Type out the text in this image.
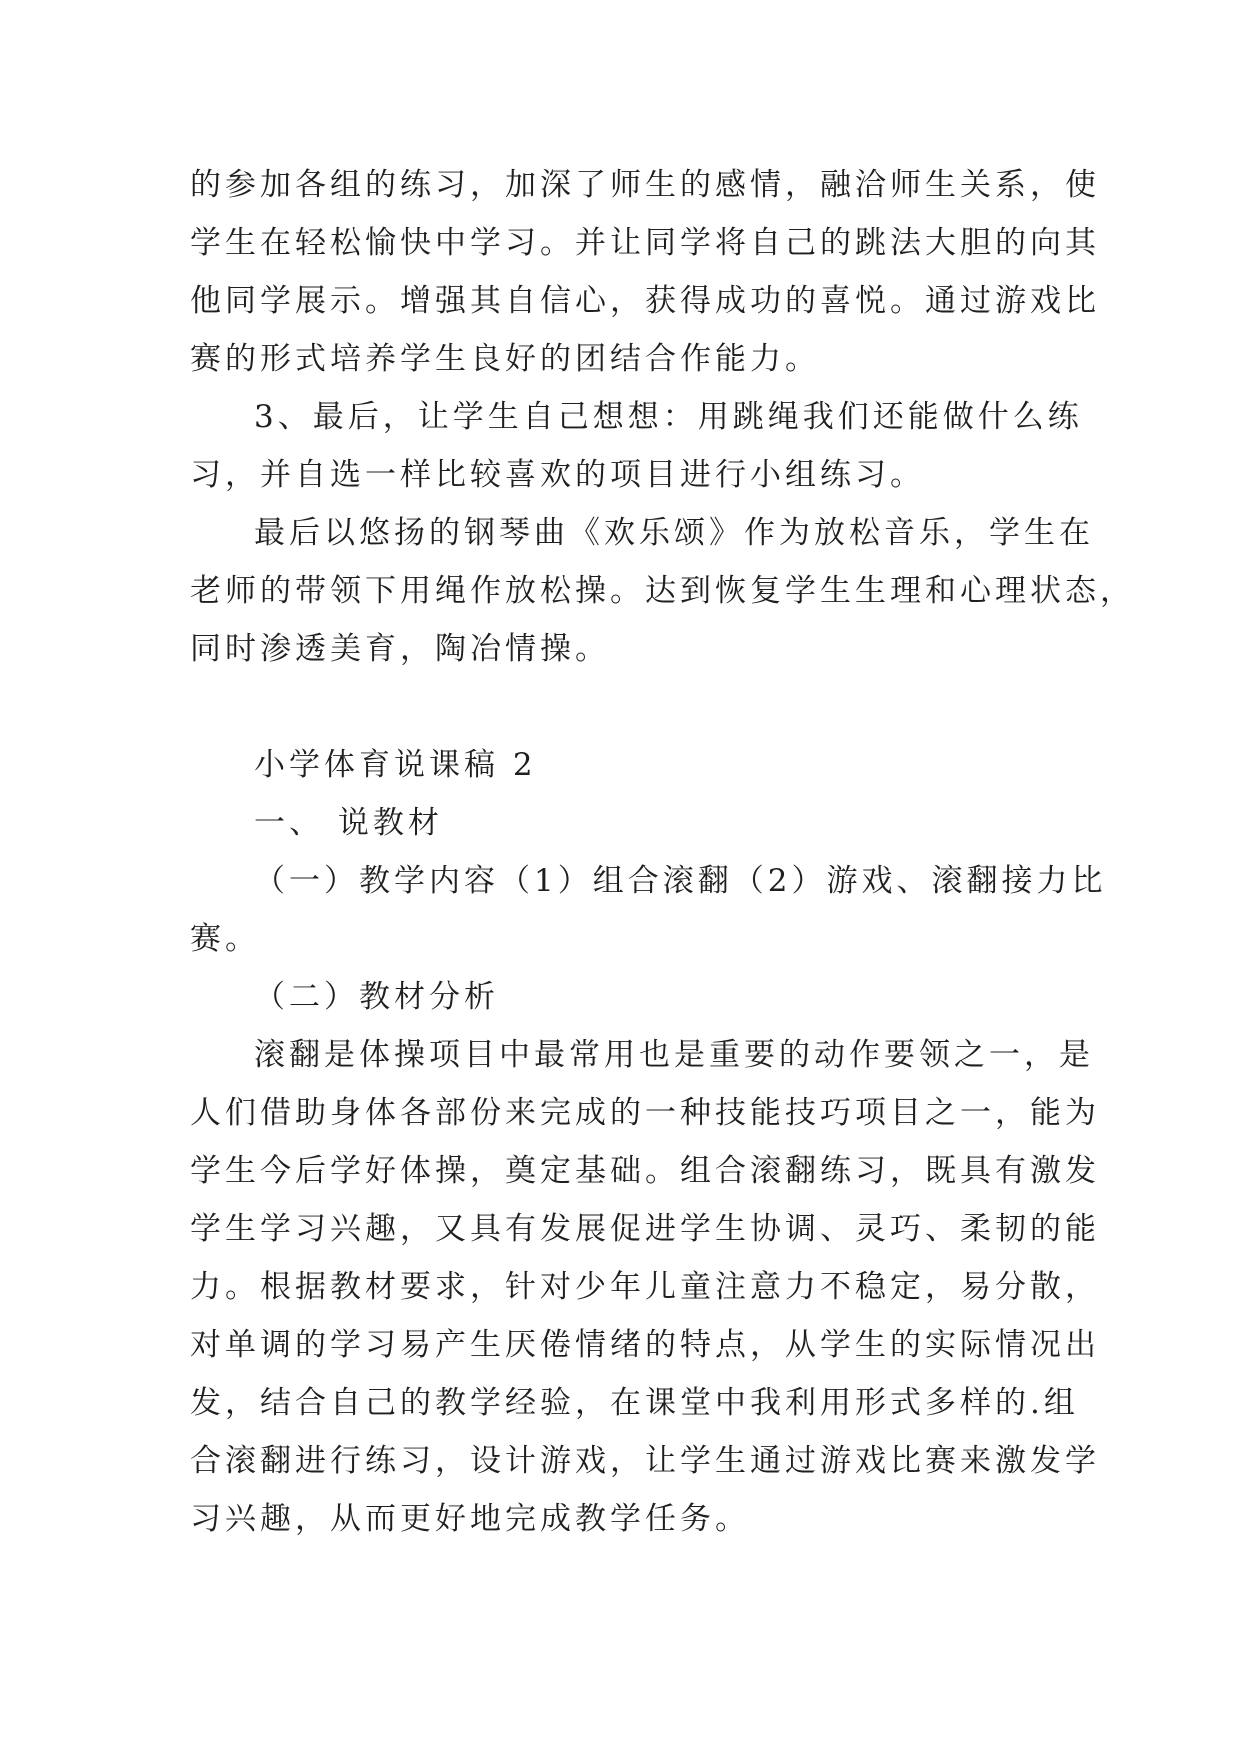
的参加各组的练习，加深了师生的感情，融洽师生关系，使
学生在轻松愉快中学习。并让同学将自己的跳法大胆的向其
他同学展示。增强其自信心，获得成功的喜悦。通过游戏比
赛的形式培养学生良好的团结合作能力。
3、最后，让学生自己想想：用跳绳我们还能做什么练
习，并自选一样比较喜欢的项目进行小组练习。
最后以悠扬的钢琴曲《欢乐颂》作为放松音乐，学生在
老师的带领下用绳作放松操。达到恢复学生生理和心理状态，
同时渗透美育，陶冶情操。
小学体育说课稿 2
一、 说教材
（一）教学内容（1）组合滚翻（2）游戏、滚翻接力比
赛。
（二）教材分析
滚翻是体操项目中最常用也是重要的动作要领之一，是
人们借助身体各部份来完成的一种技能技巧项目之一，能为
学生今后学好体操，奠定基础。组合滚翻练习，既具有激发
学生学习兴趣，又具有发展促进学生协调、灵巧、柔韧的能
力。根据教材要求，针对少年儿童注意力不稳定，易分散，
对单调的学习易产生厌倦情绪的特点，从学生的实际情况出
发，结合自己的教学经验，在课堂中我利用形式多样的.组
合滚翻进行练习，设计游戏，让学生通过游戏比赛来激发学
习兴趣，从而更好地完成教学任务。
